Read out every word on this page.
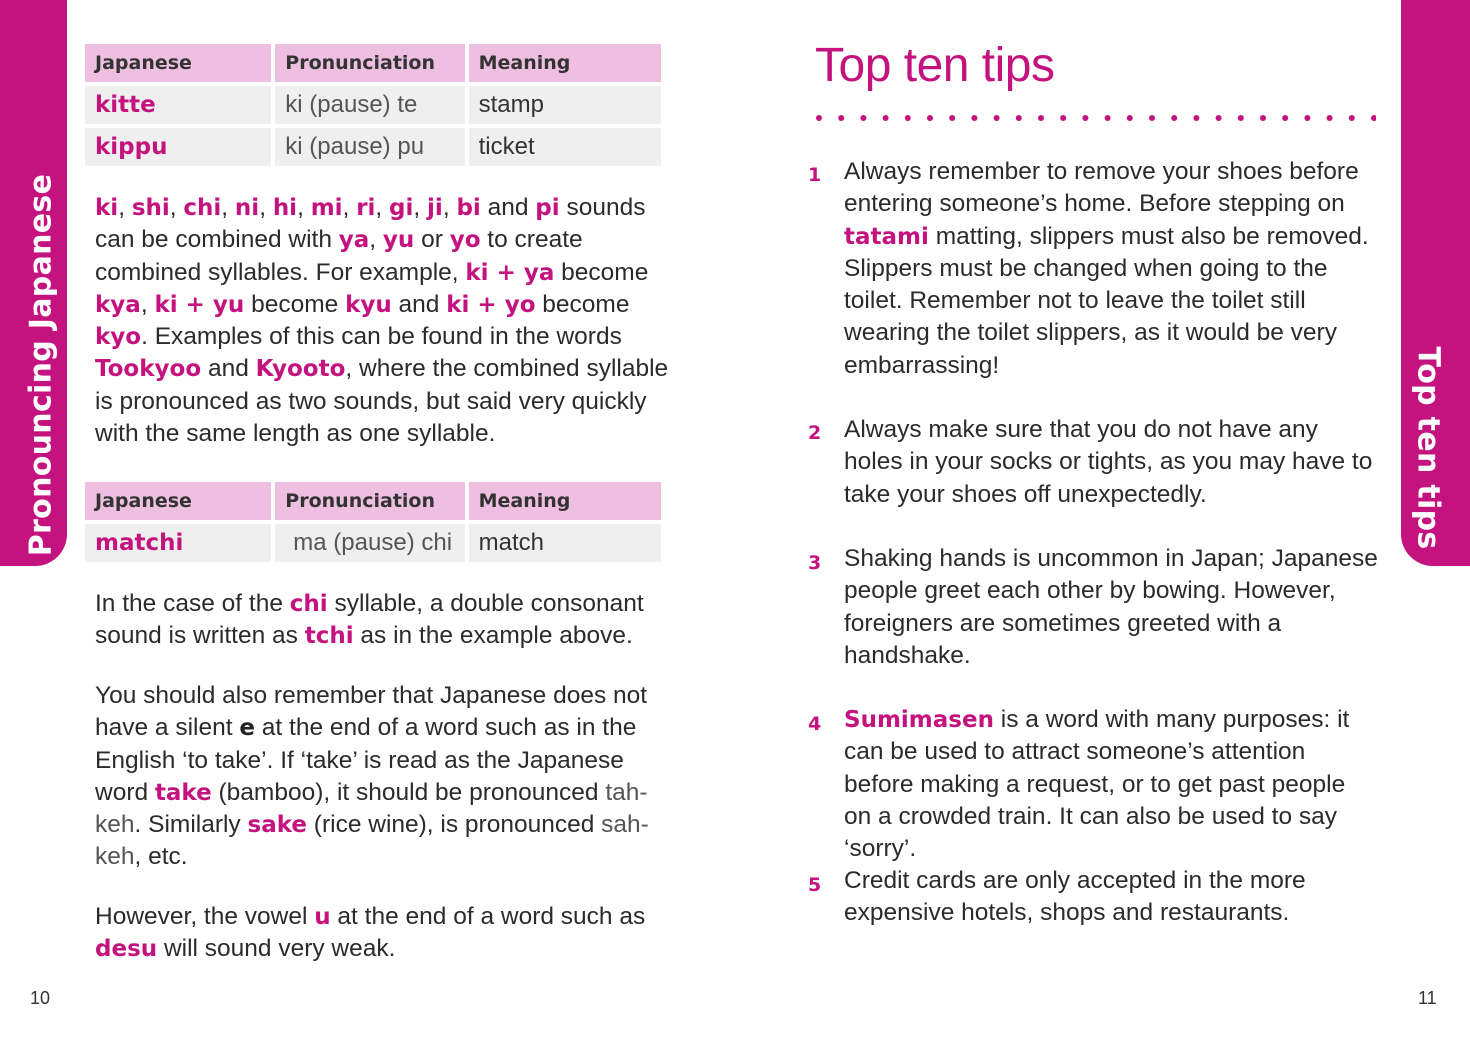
Pronouncing Japanese
Japanese	Pronunciation	Meaning
kitte	ki (pause) te	stamp
kippu	ki (pause) pu	ticket

ki, shi, chi, ni, hi, mi, ri, gi, ji, bi and pi sounds can be combined with ya, yu or yo to create combined syllables. For example, ki + ya become kya, ki + yu become kyu and ki + yo become kyo. Examples of this can be found in the words Tookyoo and Kyooto, where the combined syllable is pronounced as two sounds, but said very quickly with the same length as one syllable.

Japanese	Pronunciation	Meaning
matchi	ma (pause) chi	match

In the case of the chi syllable, a double consonant sound is written as tchi as in the example above.

You should also remember that Japanese does not have a silent e at the end of a word such as in the English ‘to take’. If ‘take’ is read as the Japanese word take (bamboo), it should be pronounced tah-keh. Similarly sake (rice wine), is pronounced sah-keh, etc.

However, the vowel u at the end of a word such as desu will sound very weak.

10
Top ten tips
Top ten tips
1 Always remember to remove your shoes before entering someone’s home. Before stepping on tatami matting, slippers must also be removed. Slippers must be changed when going to the toilet. Remember not to leave the toilet still wearing the toilet slippers, as it would be very embarrassing!

2 Always make sure that you do not have any holes in your socks or tights, as you may have to take your shoes off unexpectedly.

3 Shaking hands is uncommon in Japan; Japanese people greet each other by bowing. However, foreigners are sometimes greeted with a handshake.

4 Sumimasen is a word with many purposes: it can be used to attract someone’s attention before making a request, or to get past people on a crowded train. It can also be used to say ‘sorry’.

5 Credit cards are only accepted in the more expensive hotels, shops and restaurants.

11
